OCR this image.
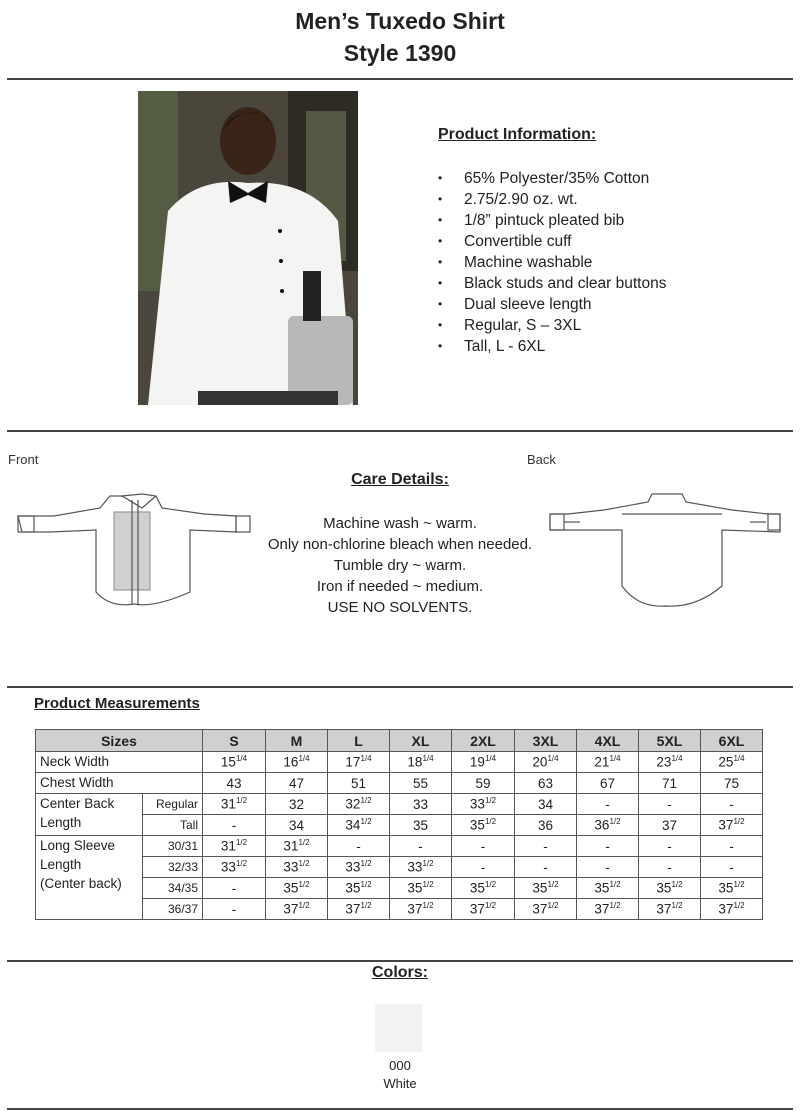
Men’s Tuxedo Shirt
Style 1390
Product Information:
• 65% Polyester/35% Cotton
• 2.75/2.90 oz. wt.
• 1/8” pintuck pleated bib
• Convertible cuff
• Machine washable
• Black studs and clear buttons
• Dual sleeve length
• Regular, S – 3XL
• Tall, L - 6XL
Front	Back
Care Details:
Machine wash ~ warm.
Only non-chlorine bleach when needed.
Tumble dry ~ warm.
Iron if needed ~ medium.
USE NO SOLVENTS.
Product Measurements
Sizes		S	M	L	XL	2XL	3XL	4XL	5XL	6XL
Neck Width		$15^{1/4}$	$16^{1/4}$	$17^{1/4}$	$18^{1/4}$	$19^{1/4}$	$20^{1/4}$	$21^{1/4}$	$23^{1/4}$	$25^{1/4}$
Chest Width		43	47	51	55	59	63	67	71	75
Center Back
Length	Regular	$31^{1/2}$	32	$32^{1/2}$	33	$33^{1/2}$	34	-	-	-
	Tall	-	34	$34^{1/2}$	35	$35^{1/2}$	36	$36^{1/2}$	37	$37^{1/2}$
Long Sleeve
Length
(Center back)	30/31	$31^{1/2}$	$31^{1/2}$	-	-	-	-	-	-	-
	32/33	$33^{1/2}$	$33^{1/2}$	$33^{1/2}$	$33^{1/2}$	-	-	-	-	-
	34/35	-	$35^{1/2}$	$35^{1/2}$	$35^{1/2}$	$35^{1/2}$	$35^{1/2}$	$35^{1/2}$	$35^{1/2}$	$35^{1/2}$
	36/37	-	$37^{1/2}$	$37^{1/2}$	$37^{1/2}$	$37^{1/2}$	$37^{1/2}$	$37^{1/2}$	$37^{1/2}$	$37^{1/2}$
Colors:
000
White
